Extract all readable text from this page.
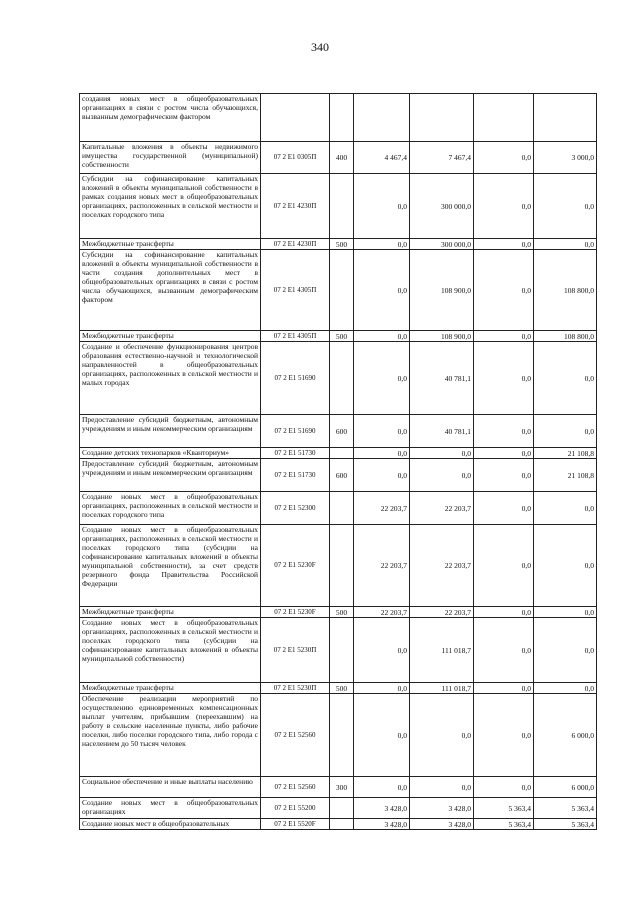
340
создания новых мест в общеобразовательных организациях в связи с ростом числа обучающихся, вызванным демографическим фактором						
Капитальные вложения в объекты недвижимого имущества государственной (муниципальной) собственности	07 2 E1 0305П	400	4 467,4	7 467,4	0,0	3 000,0
Субсидии на софинансирование капитальных вложений в объекты муниципальной собственности в рамках создания новых мест в общеобразовательных организациях, расположенных в сельской местности и поселках городского типа	07 2 E1 4230П		0,0	300 000,0	0,0	0,0
Межбюджетные трансферты	07 2 E1 4230П	500	0,0	300 000,0	0,0	0,0
Субсидии на софинансирование капитальных вложений в объекты муниципальной собственности в части создания дополнительных мест в общеобразовательных организациях в связи с ростом числа обучающихся, вызванным демографическим фактором	07 2 E1 4305П		0,0	108 900,0	0,0	108 800,0
Межбюджетные трансферты	07 2 E1 4305П	500	0,0	108 900,0	0,0	108 800,0
Создание и обеспечение функционирования центров образования естественно-научной и технологической направленностей в общеобразовательных организациях, расположенных в сельской местности и малых городах	07 2 E1 51690		0,0	40 781,1	0,0	0,0
Предоставление субсидий бюджетным, автономным учреждениям и иным некоммерческим организациям	07 2 E1 51690	600	0,0	40 781,1	0,0	0,0
Создание детских технопарков «Кванториум»	07 2 E1 51730		0,0	0,0	0,0	21 108,8
Предоставление субсидий бюджетным, автономным учреждениям и иным некоммерческим организациям	07 2 E1 51730	600	0,0	0,0	0,0	21 108,8
Создание новых мест в общеобразовательных организациях, расположенных в сельской местности и поселках городского типа	07 2 E1 52300		22 203,7	22 203,7	0,0	0,0
Создание новых мест в общеобразовательных организациях, расположенных в сельской местности и поселках городского типа (субсидии на софинансирование капитальных вложений в объекты муниципальной собственности), за счет средств резервного фонда Правительства Российской Федерации	07 2 E1 5230F		22 203,7	22 203,7	0,0	0,0
Межбюджетные трансферты	07 2 E1 5230F	500	22 203,7	22 203,7	0,0	0,0
Создание новых мест в общеобразовательных организациях, расположенных в сельской местности и поселках городского типа (субсидии на софинансирование капитальных вложений в объекты муниципальной собственности)	07 2 E1 5230П		0,0	111 018,7	0,0	0,0
Межбюджетные трансферты	07 2 E1 5230П	500	0,0	111 018,7	0,0	0,0
Обеспечение реализации мероприятий по осуществлению единовременных компенсационных выплат учителям, прибывшим (переехавшим) на работу в сельские населенные пункты, либо рабочие поселки, либо поселки городского типа, либо города с населением до 50 тысяч человек	07 2 E1 52560		0,0	0,0	0,0	6 000,0
Социальное обеспечение и иные выплаты населению	07 2 E1 52560	300	0,0	0,0	0,0	6 000,0
Создание новых мест в общеобразовательных организациях	07 2 E1 55200		3 428,0	3 428,0	5 363,4	5 363,4
Создание новых мест в общеобразовательных	07 2 E1 5520F		3 428,0	3 428,0	5 363,4	5 363,4
